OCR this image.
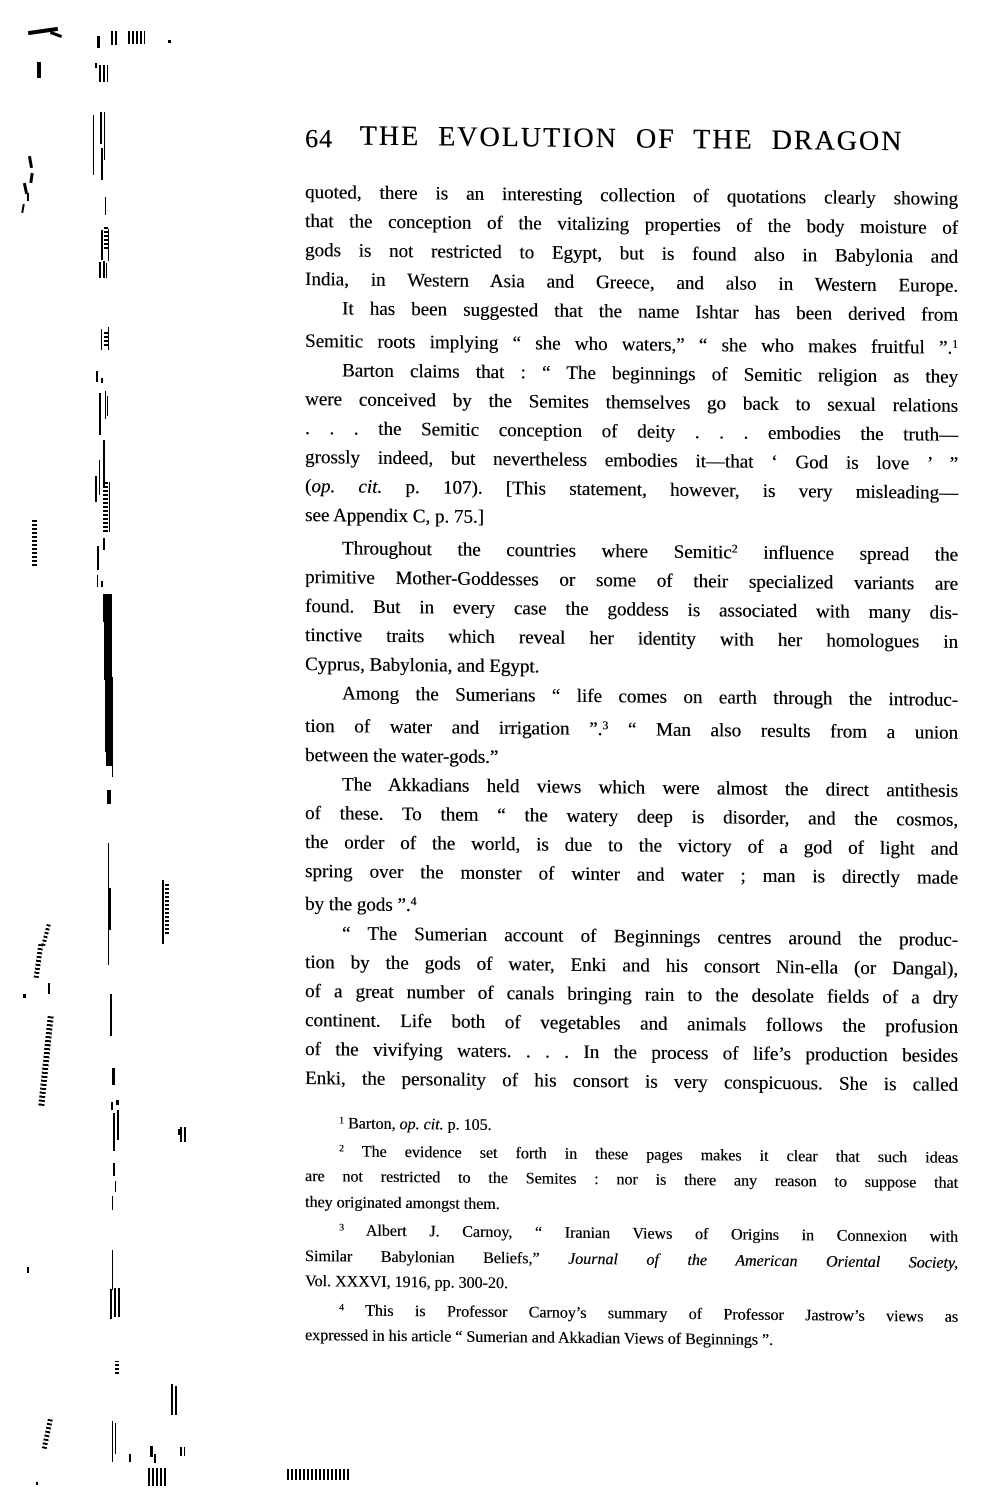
64 THE EVOLUTION OF THE DRAGON
quoted, there is an interesting collection of quotations clearly showing
that the conception of the vitalizing properties of the body moisture of
gods is not restricted to Egypt, but is found also in Babylonia and
India, in Western Asia and Greece, and also in Western Europe.
It has been suggested that the name Ishtar has been derived from
Semitic roots implying “ she who waters,” “ she who makes fruitful ”.$^1$
Barton claims that : “ The beginnings of Semitic religion as they
were conceived by the Semites themselves go back to sexual relations
. . . the Semitic conception of deity . . . embodies the truth—
grossly indeed, but nevertheless embodies it—that ‘ God is love ’ ”
(op. cit. p. 107). [This statement, however, is very misleading—
see Appendix C, p. 75.]
Throughout the countries where Semitic$^2$ influence spread the
primitive Mother-Goddesses or some of their specialized variants are
found. But in every case the goddess is associated with many dis-
tinctive traits which reveal her identity with her homologues in
Cyprus, Babylonia, and Egypt.
Among the Sumerians “ life comes on earth through the introduc-
tion of water and irrigation ”.$^3$ “ Man also results from a union
between the water-gods.”
The Akkadians held views which were almost the direct antithesis
of these. To them “ the watery deep is disorder, and the cosmos,
the order of the world, is due to the victory of a god of light and
spring over the monster of winter and water ; man is directly made
by the gods ”.$^4$
“ The Sumerian account of Beginnings centres around the produc-
tion by the gods of water, Enki and his consort Nin-ella (or Dangal),
of a great number of canals bringing rain to the desolate fields of a dry
continent. Life both of vegetables and animals follows the profusion
of the vivifying waters. . . . In the process of life’s production besides
Enki, the personality of his consort is very conspicuous. She is called
$^1$ Barton, op. cit. p. 105.
$^2$ The evidence set forth in these pages makes it clear that such ideas
are not restricted to the Semites : nor is there any reason to suppose that
they originated amongst them.
$^3$ Albert J. Carnoy, “ Iranian Views of Origins in Connexion with
Similar Babylonian Beliefs,” Journal of the American Oriental Society,
Vol. XXXVI, 1916, pp. 300-20.
$^4$ This is Professor Carnoy’s summary of Professor Jastrow’s views as
expressed in his article “ Sumerian and Akkadian Views of Beginnings ”.
